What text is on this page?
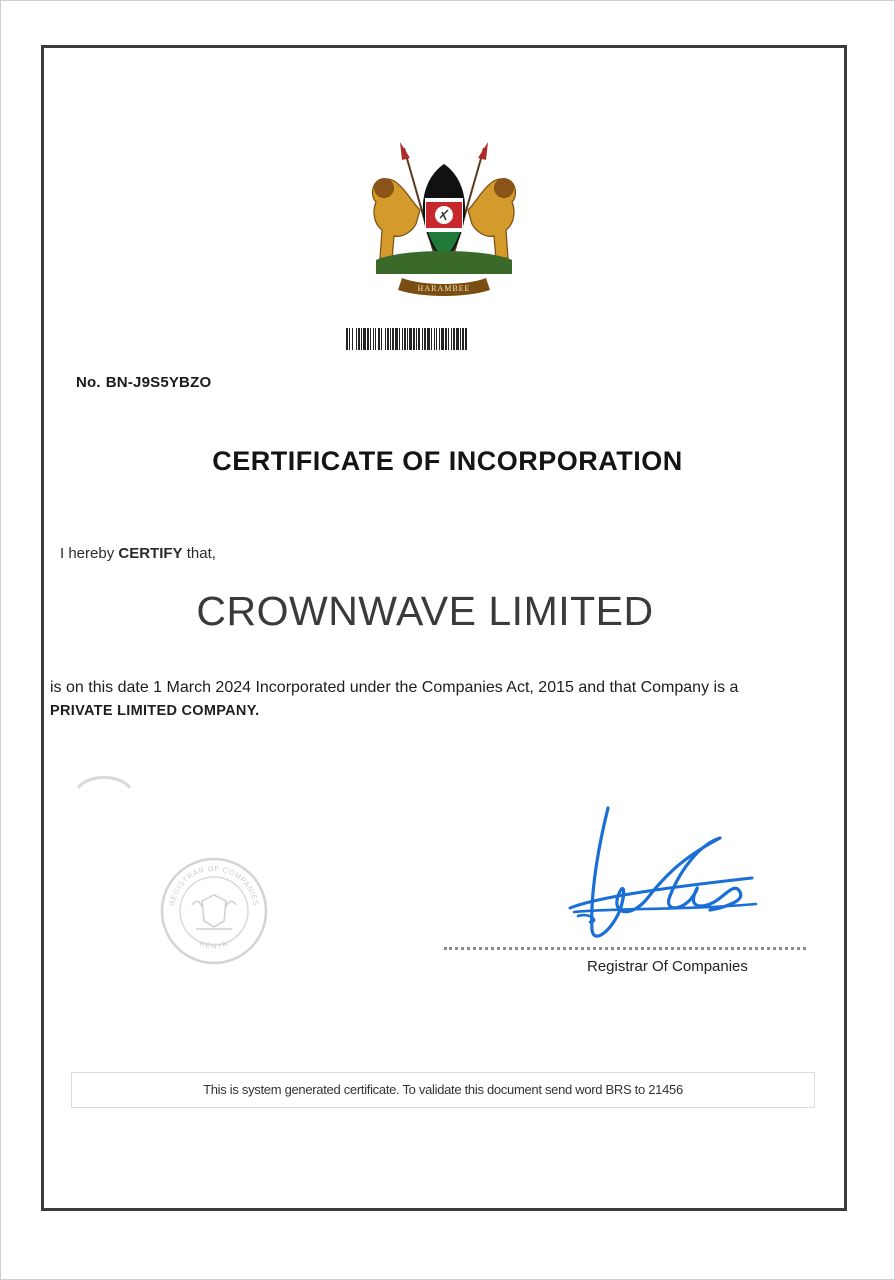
HARAMBEE
No. BN-J9S5YBZO
CERTIFICATE OF INCORPORATION
I hereby CERTIFY that,
CROWNWAVE LIMITED
is on this date 1 March 2024 Incorporated under the Companies Act, 2015 and that Company is a
PRIVATE LIMITED COMPANY.
REGISTRAR OF COMPANIES
KENYA
Registrar Of Companies
This is system generated certificate. To validate this document send word BRS to 21456
